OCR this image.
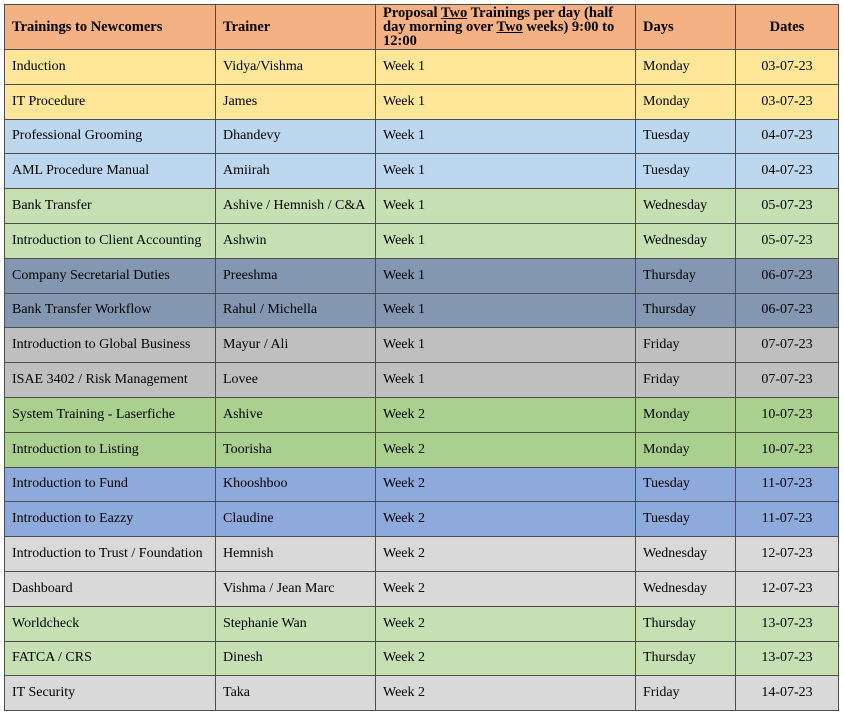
Trainings to Newcomers	Trainer	Proposal Two Trainings per day (half day morning over Two weeks) 9:00 to 12:00	Days	Dates
Induction	Vidya/Vishma	Week 1	Monday	03-07-23
IT Procedure	James	Week 1	Monday	03-07-23
Professional Grooming	Dhandevy	Week 1	Tuesday	04-07-23
AML Procedure Manual	Amiirah	Week 1	Tuesday	04-07-23
Bank Transfer	Ashive / Hemnish / C&A	Week 1	Wednesday	05-07-23
Introduction to Client Accounting	Ashwin	Week 1	Wednesday	05-07-23
Company Secretarial Duties	Preeshma	Week 1	Thursday	06-07-23
Bank Transfer Workflow	Rahul / Michella	Week 1	Thursday	06-07-23
Introduction to Global Business	Mayur / Ali	Week 1	Friday	07-07-23
ISAE 3402 / Risk Management	Lovee	Week 1	Friday	07-07-23
System Training - Laserfiche	Ashive	Week 2	Monday	10-07-23
Introduction to Listing	Toorisha	Week 2	Monday	10-07-23
Introduction to Fund	Khooshboo	Week 2	Tuesday	11-07-23
Introduction to Eazzy	Claudine	Week 2	Tuesday	11-07-23
Introduction to Trust / Foundation	Hemnish	Week 2	Wednesday	12-07-23
Dashboard	Vishma / Jean Marc	Week 2	Wednesday	12-07-23
Worldcheck	Stephanie Wan	Week 2	Thursday	13-07-23
FATCA / CRS	Dinesh	Week 2	Thursday	13-07-23
IT Security	Taka	Week 2	Friday	14-07-23
